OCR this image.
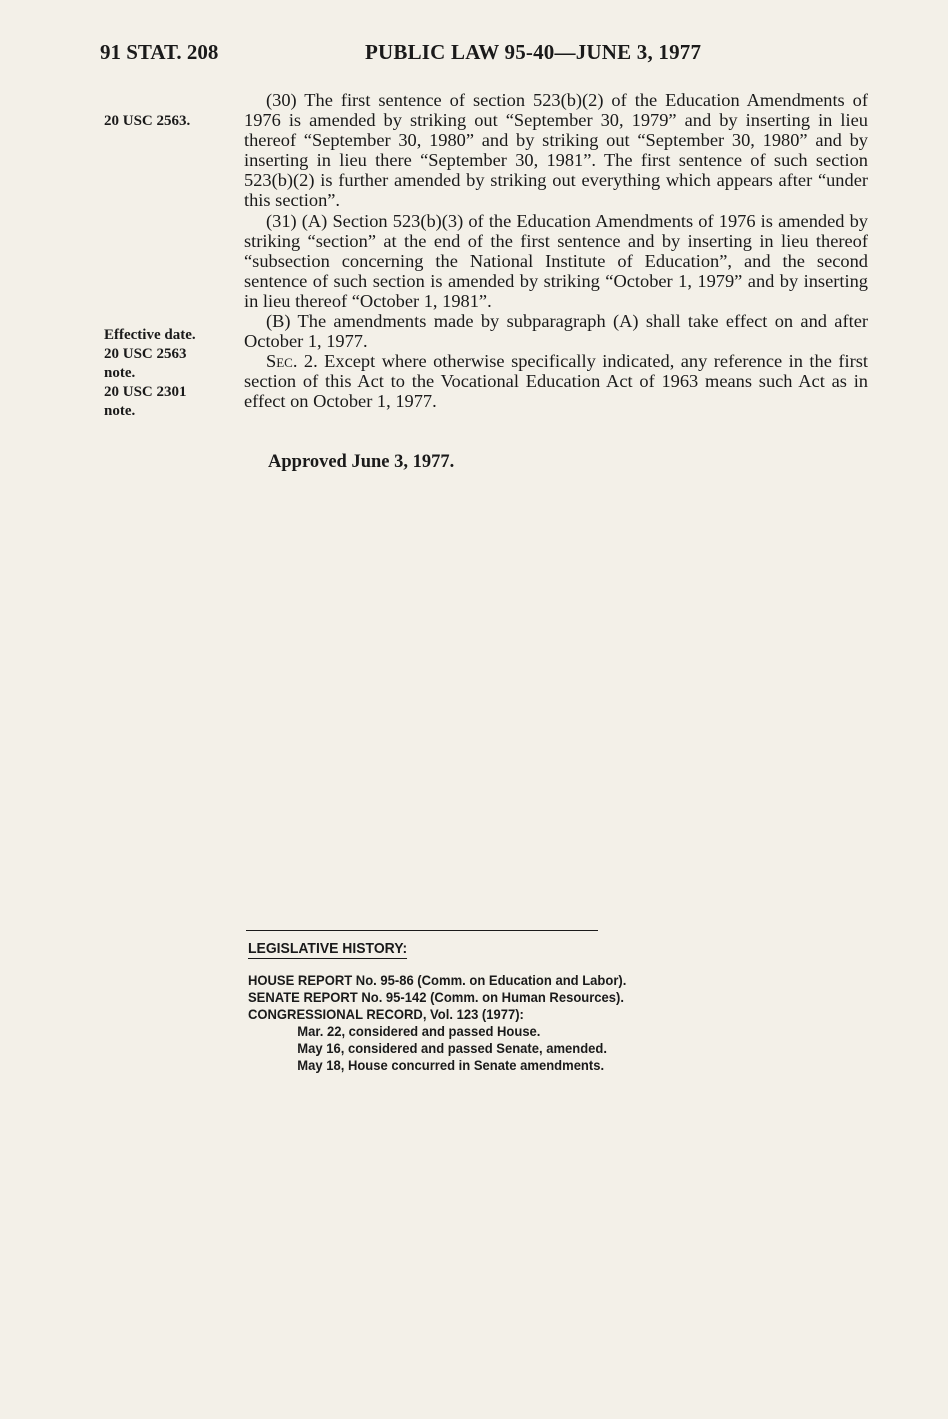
91 STAT. 208	PUBLIC LAW 95-40—JUNE 3, 1977
20 USC 2563.
Effective date.
20 USC 2563
note.
20 USC 2301
note.

(30) The first sentence of section 523(b)(2) of the Education Amendments of 1976 is amended by striking out “September 30, 1979” and by inserting in lieu thereof “September 30, 1980” and by striking out “September 30, 1980” and by inserting in lieu there “September 30, 1981”. The first sentence of such section 523(b)(2) is further amended by striking out everything which appears after “under this section”.

(31) (A) Section 523(b)(3) of the Education Amendments of 1976 is amended by striking “section” at the end of the first sentence and by inserting in lieu thereof “subsection concerning the National Institute of Education”, and the second sentence of such section is amended by striking “October 1, 1979” and by inserting in lieu thereof “October 1, 1981”.

(B) The amendments made by subparagraph (A) shall take effect on and after October 1, 1977.

Sec. 2. Except where otherwise specifically indicated, any reference in the first section of this Act to the Vocational Education Act of 1963 means such Act as in effect on October 1, 1977.

Approved June 3, 1977.
LEGISLATIVE HISTORY:
HOUSE REPORT No. 95-86 (Comm. on Education and Labor).
SENATE REPORT No. 95-142 (Comm. on Human Resources).
CONGRESSIONAL RECORD, Vol. 123 (1977):
Mar. 22, considered and passed House.
May 16, considered and passed Senate, amended.
May 18, House concurred in Senate amendments.
